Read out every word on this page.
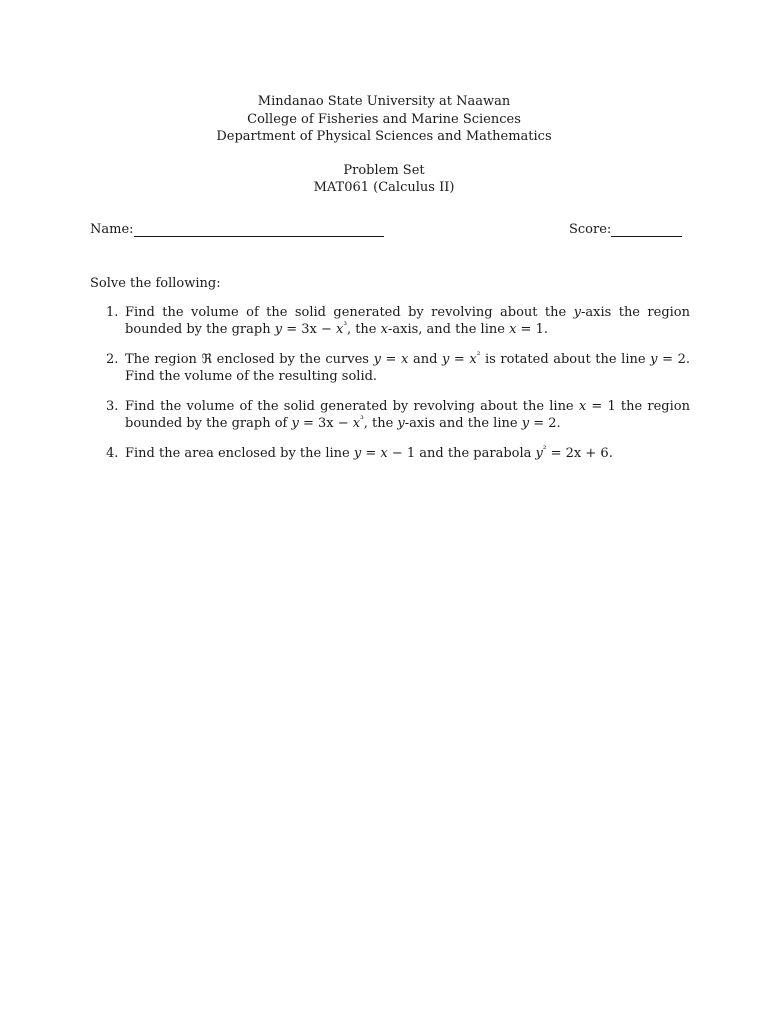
Mindanao State University at Naawan
College of Fisheries and Marine Sciences
Department of Physical Sciences and Mathematics
Problem Set
MAT061 (Calculus II)
Name:	Score:
Solve the following:
1. Find the volume of the solid generated by revolving about the y-axis the region bounded by the graph $y = 3x - x^{^3}$, the x-axis, and the line x = 1.
2. The region ℜ enclosed by the curves y = x and $y = x^{^2}$ is rotated about the line y = 2. Find the volume of the resulting solid.
3. Find the volume of the solid generated by revolving about the line x = 1 the region bounded by the graph of $y = 3x - x^{^3}$, the y-axis and the line y = 2.
4. Find the area enclosed by the line y = x − 1 and the parabola $y^{^2} = 2x + 6$.
